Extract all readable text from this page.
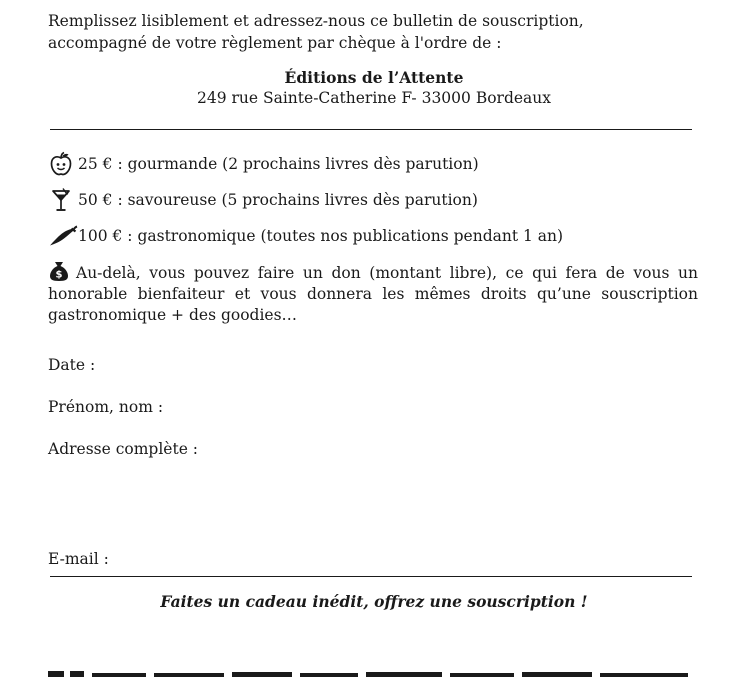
Remplissez lisiblement et adressez-nous ce bulletin de souscription,

accompagné de votre règlement par chèque à l'ordre de :

Éditions de l’Attente
249 rue Sainte-Catherine F- 33000 Bordeaux
25 € : gourmande (2 prochains livres dès parution)
50 € : savoureuse (5 prochains livres dès parution)
100 € : gastronomique (toutes nos publications pendant 1 an)
$ Au-delà, vous pouvez faire un don (montant libre), ce qui fera de vous un honorable bienfaiteur et vous donnera les mêmes droits qu’une souscription gastronomique + des goodies…
Date :
Prénom, nom :
Adresse complète :
E-mail :
Faites un cadeau inédit, offrez une souscription !
